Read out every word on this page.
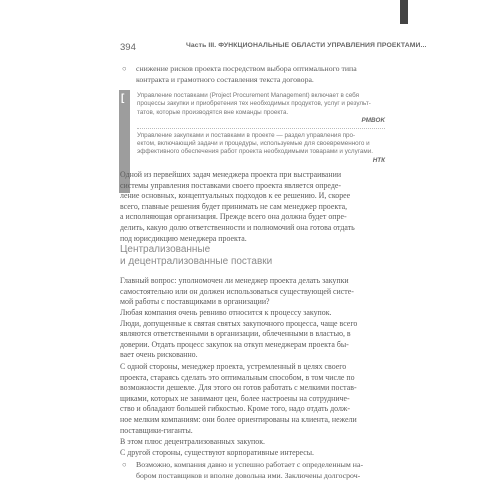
394	Часть III. ФУНКЦИОНАЛЬНЫЕ ОБЛАСТИ УПРАВЛЕНИЯ ПРОЕКТАМИ...
○ снижение рисков проекта посредством выбора оптимального типа
контракта и грамотного составления текста договора.
[ Управление поставками (Project Procurement Management) включает в себя
процессы закупки и приобретения тех необходимых продуктов, услуг и результ-
татов, которые производятся вне команды проекта.
PMBOK
Управление закупками и поставками в проекте — раздел управления про-
ектом, включающий задачи и процедуры, используемые для своевременного и
эффективного обеспечения работ проекта необходимыми товарами и услугами.
НТК
Одной из первейших задач менеджера проекта при выстраивании
системы управления поставками своего проекта является опреде-
ление основных, концептуальных подходов к ее решению. И, скорее
всего, главные решения будет принимать не сам менеджер проекта,
а исполняющая организация. Прежде всего она должна будет опре-
делить, какую долю ответственности и полномочий она готова отдать
под юрисдикцию менеджера проекта.
Централизованные
и децентрализованные поставки
Главный вопрос: уполномочен ли менеджер проекта делать закупки
самостоятельно или он должен использоваться существующей систе-
мой работы с поставщиками в организации?
Любая компания очень ревниво относится к процессу закупок.
Люди, допущенные к святая святых закупочного процесса, чаще всего
являются ответственными в организации, облеченными в властью, в
доверии. Отдать процесс закупок на откуп менеджерам проекта бы-
вает очень рискованно.
С одной стороны, менеджер проекта, устремленный в целях своего
проекта, стараясь сделать это оптимальным способом, в том числе по
возможности дешевле. Для этого он готов работать с мелкими постав-
щиками, которых не занимают цен, более настроены на сотрудниче-
ство и обладают большей гибкостью. Кроме того, надо отдать долж-
ное мелким компаниям: они более ориентированы на клиента, нежели
поставщики-гиганты.
В этом плюс децентрализованных закупок.
С другой стороны, существуют корпоративные интересы.
○ Возможно, компания давно и успешно работает с определенным на-
бором поставщиков и вполне довольна ими. Заключены долгосроч-
